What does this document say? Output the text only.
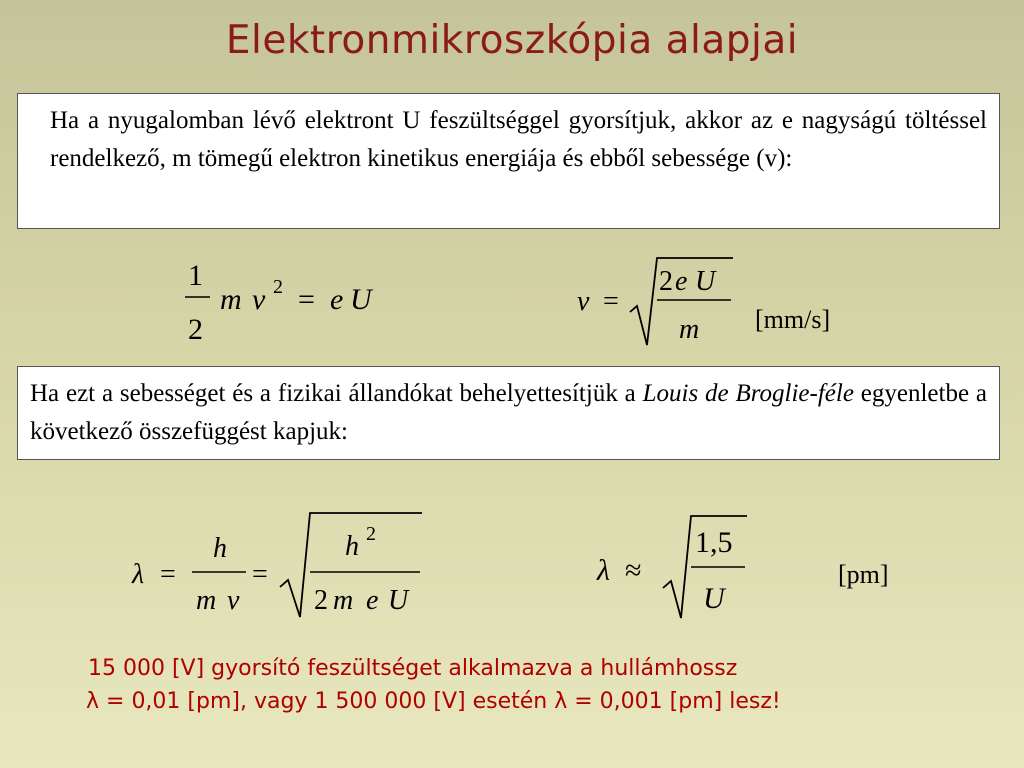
Elektronmikroszkópia alapjai

Ha a nyugalomban lévő elektront U feszültséggel gyorsítjuk, akkor az e nagyságú töltéssel rendelkező, m tömegű elektron kinetikus energiája és ebből sebessége (v):

1
2
m v 2 = e U	v =
2 e U
m [mm/s]

Ha ezt a sebességet és a fizikai állandókat behelyettesítjük a Louis de Broglie-féle egyenletbe a következő összefüggést kapjuk:

λ =
h
m v
=
h 2
2 m e U
λ ≈
1,5
U
[pm]
15 000 [V] gyorsító feszültséget alkalmazva a hullámhossz
λ = 0,01 [pm], vagy 1 500 000 [V] esetén λ = 0,001 [pm] lesz!
